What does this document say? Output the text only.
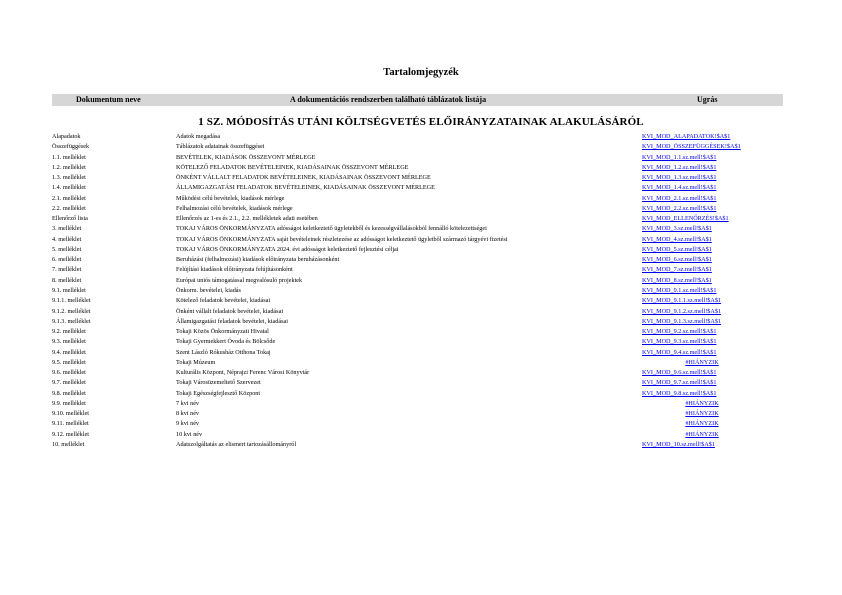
Tartalomjegyzék
Dokumentum neve	A dokumentációs rendszerben található táblázatok listája	Ugrás
1 SZ. MÓDOSÍTÁS UTÁNI KÖLTSÉGVETÉS ELŐIRÁNYZATAINAK ALAKULÁSÁRÓL
Alapadatok	Adatok megadása	KVI_MOD_ALAPADATOK!$A$1
Összefüggések	Táblázatok adatainak összefüggései	KVI_MOD_ÖSSZEFÜGGÉSEK!$A$1
1.1. melléklet	BEVÉTELEK, KIADÁSOK ÖSSZEVONT MÉRLEGE	KVI_MOD_1.1.sz.mell!$A$1
1.2. melléklet	KÖTELEZŐ FELADATOK BEVÉTELEINEK, KIADÁSAINAK ÖSSZEVONT MÉRLEGE	KVI_MOD_1.2.sz.mell!$A$1
1.3. melléklet	ÖNKÉNT VÁLLALT FELADATOK BEVÉTELEINEK, KIADÁSAINAK ÖSSZEVONT MÉRLEGE	KVI_MOD_1.3.sz.mell!$A$1
1.4. melléklet	ÁLLAMIGAZGATÁSI FELADATOK BEVÉTELEINEK, KIADÁSAINAK ÖSSZEVONT MÉRLEGE	KVI_MOD_1.4.sz.mell!$A$1
2.1. melléklet	Működési célú bevételek, kiadások mérlege	KVI_MOD_2.1.sz.mell!$A$1
2.2. melléklet	Felhalmozási célú bevételek, kiadások mérlege	KVI_MOD_2.2.sz.mell!$A$1
Ellenőrző lista	Ellenőrzés az 1-es és 2.1., 2.2. mellékletek adati esetében	KVI_MOD_ELLENŐRZÉS!$A$1
3. melléklet	TOKAJ VÁROS ÖNKORMÁNYZATA adósságot keletkeztető ügyletekből és kezességvállalásokból fennálló kötelezettségei	KVI_MOD_3.sz.mell!$A$1
4. melléklet	TOKAJ VÁROS ÖNKORMÁNYZATA saját bevételeinek részletezése az adósságot keletkeztető ügyletből származó tárgyévi fizetési	KVI_MOD_4.sz.mell!$A$1
5. melléklet	TOKAJ VÁROS ÖNKORMÁNYZATA 2024. évi adósságot keletkeztető fejlesztési céljai	KVI_MOD_5.sz.mell!$A$1
6. melléklet	Beruházási (felhalmozási) kiadások előirányzata beruházásonként	KVI_MOD_6.sz.mell!$A$1
7. melléklet	Felújítási kiadások előirányzata felújításonként	KVI_MOD_7.sz.mell!$A$1
8. melléklet	Európai uniós támogatással megvalósuló projektek	KVI_MOD_8.sz.mell!$A$1
9.1. melléklet	Önkorm. bevételei, kiadás	KVI_MOD_9.1.sz.mell!$A$1
9.1.1. melléklet	Kötelező feladatok bevételei, kiadásai	KVI_MOD_9.1.1.sz.mell!$A$1
9.1.2. melléklet	Önként vállalt feladatok bevételei, kiadásai	KVI_MOD_9.1.2.sz.mell!$A$1
9.1.3. melléklet	Államigazgatási feladatok bevételei, kiadásai	KVI_MOD_9.1.3.sz.mell!$A$1
9.2. melléklet	Tokaji Közös Önkormányzati Hivatal	KVI_MOD_9.2.sz.mell!$A$1
9.3. melléklet	Tokaji Gyermekkert Óvoda és Bölcsőde	KVI_MOD_9.3.sz.mell!$A$1
9.4. melléklet	Szent László Rókusház Otthona Tokaj	KVI_MOD_9.4.sz.mell!$A$1
9.5. melléklet	Tokaji Múzeum	#HIÁNYZIK
9.6. melléklet	Kulturális Központ, Néprajzi Ferenc Városi Könyvtár	KVI_MOD_9.6.sz.mell!$A$1
9.7. melléklet	Tokaji Városüzemeltető Szervezet	KVI_MOD_9.7.sz.mell!$A$1
9.8. melléklet	Tokaji Egészségfejlesztő Központ	KVI_MOD_9.8.sz.mell!$A$1
9.9. melléklet	7 kvi név	#HIÁNYZIK
9.10. melléklet	8 kvi név	#HIÁNYZIK
9.11. melléklet	9 kvi név	#HIÁNYZIK
9.12. melléklet	10 kvi név	#HIÁNYZIK
10. melléklet	Adatszolgáltatás az elismert tartozásállományról	KVI_MOD_10.sz.mell!$A$1
